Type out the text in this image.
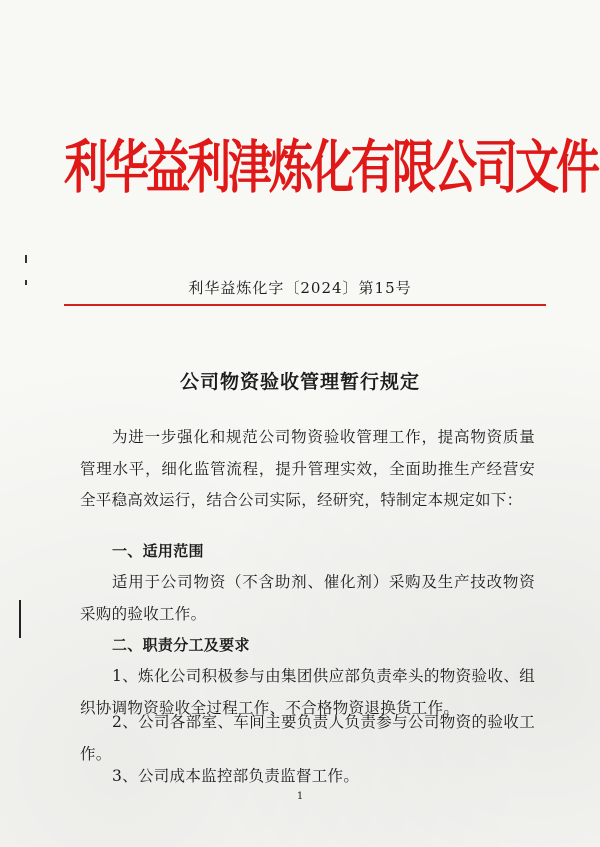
利华益利津炼化有限公司文件
利华益炼化字〔2024〕第15号
公司物资验收管理暂行规定
为进一步强化和规范公司物资验收管理工作，提高物资质量管理水平，细化监管流程，提升管理实效，全面助推生产经营安全平稳高效运行，结合公司实际，经研究，特制定本规定如下：
一、适用范围
适用于公司物资（不含助剂、催化剂）采购及生产技改物资采购的验收工作。
二、职责分工及要求
1、炼化公司积极参与由集团供应部负责牵头的物资验收、组织协调物资验收全过程工作、不合格物资退换货工作。
2、公司各部室、车间主要负责人负责参与公司物资的验收工作。
3、公司成本监控部负责监督工作。
1
